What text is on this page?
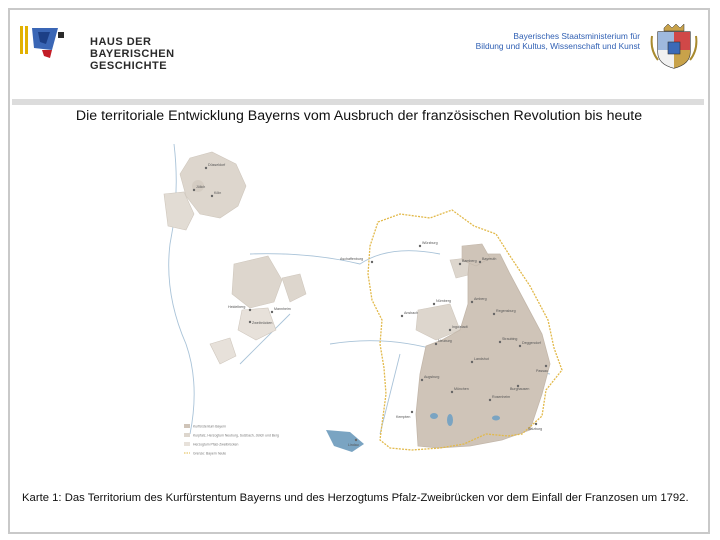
HAUS DER
BAYERISCHEN
GESCHICHTE
Bayerisches Staatsministerium für
Bildung und Kultus, Wissenschaft und Kunst
Die territoriale Entwicklung Bayerns vom Ausbruch der französischen Revolution bis heute
Düsseldorf
Jülich
Köln
Aschaffenburg
Würzburg
Bamberg Bayreuth
Mannheim
Heidelberg
Zweibrücken
Nürnberg	Amberg
Regensburg
Ansbach
Neuburg
Landshut
Deggendorf
Passau
Augsburg
München
Rosenheim
Kempten
Salzburg
Lindau
Straubing
Ingolstadt
Burghausen
Kurfürstentum Bayern
Kurpfalz, Herzogtum Neuburg, Sulzbach, Jülich und Berg
Herzogtum Pfalz-Zweibrücken
Grenze: Bayern heute
Karte 1: Das Territorium des Kurfürstentum Bayerns und des Herzogtums Pfalz-Zweibrücken vor dem Einfall der Franzosen um 1792.
